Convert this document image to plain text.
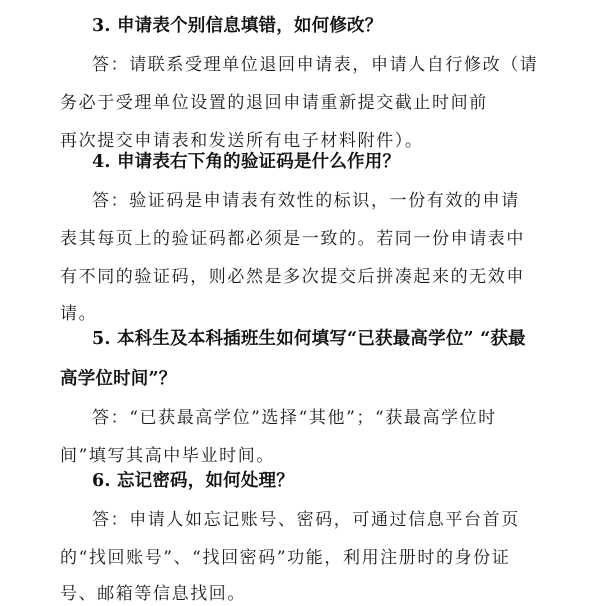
3. 申请表个别信息填错，如何修改？
答：请联系受理单位退回申请表，申请人自行修改（请
务必于受理单位设置的退回申请重新提交截止时间前
再次提交申请表和发送所有电子材料附件）。
4. 申请表右下角的验证码是什么作用？
答：验证码是申请表有效性的标识，一份有效的申请
表其每页上的验证码都必须是一致的。若同一份申请表中
有不同的验证码，则必然是多次提交后拼凑起来的无效申
请。
5. 本科生及本科插班生如何填写“已获最高学位” “获最
高学位时间”？
答：“已获最高学位”选择“其他”；“获最高学位时
间”填写其高中毕业时间。
6. 忘记密码，如何处理？
答：申请人如忘记账号、密码，可通过信息平台首页
的“找回账号”、“找回密码”功能，利用注册时的身份证
号、邮箱等信息找回。
